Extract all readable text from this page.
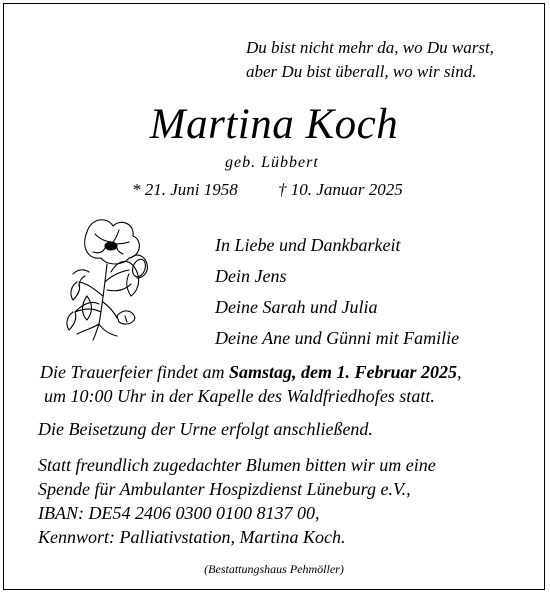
Du bist nicht mehr da, wo Du warst,
aber Du bist überall, wo wir sind.
Martina Koch
geb. Lübbert
* 21. Juni 1958 † 10. Januar 2025
In Liebe und Dankbarkeit
Dein Jens
Deine Sarah und Julia
Deine Ane und Günni mit Familie
Die Trauerfeier findet am Samstag, dem 1. Februar 2025,
um 10:00 Uhr in der Kapelle des Waldfriedhofes statt.
Die Beisetzung der Urne erfolgt anschließend.
Statt freundlich zugedachter Blumen bitten wir um eine
Spende für Ambulanter Hospizdienst Lüneburg e.V.,
IBAN: DE54 2406 0300 0100 8137 00,
Kennwort: Palliativstation, Martina Koch.
(Bestattungshaus Pehmöller)
